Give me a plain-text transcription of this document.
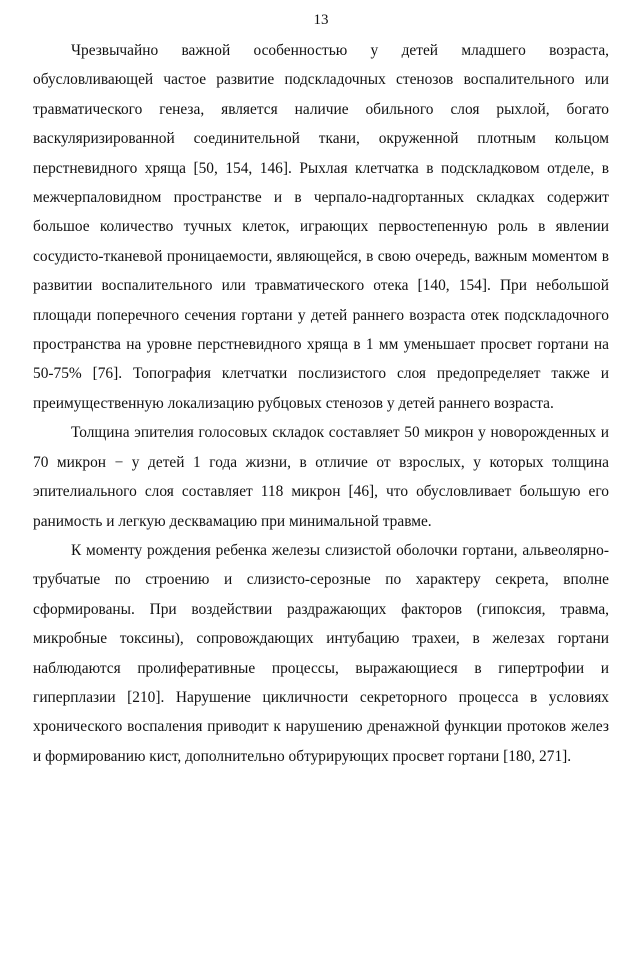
13

Чрезвычайно важной особенностью у детей младшего возраста, обусловливающей частое развитие подскладочных стенозов воспалительного или травматического генеза, является наличие обильного слоя рыхлой, богато васкуляризированной соединительной ткани, окруженной плотным кольцом перстневидного хряща [50, 154, 146]. Рыхлая клетчатка в подскладковом отделе, в межчерпаловидном пространстве и в черпало-надгортанных складках содержит большое количество тучных клеток, играющих первостепенную роль в явлении сосудисто-тканевой проницаемости, являющейся, в свою очередь, важным моментом в развитии воспалительного или травматического отека [140, 154]. При небольшой площади поперечного сечения гортани у детей раннего возраста отек подскладочного пространства на уровне перстневидного хряща в 1 мм уменьшает просвет гортани на 50-75% [76]. Топография клетчатки послизистого слоя предопределяет также и преимущественную локализацию рубцовых стенозов у детей раннего возраста.

Толщина эпителия голосовых складок составляет 50 микрон у новорожденных и 70 микрон − у детей 1 года жизни, в отличие от взрослых, у которых толщина эпителиального слоя составляет 118 микрон [46], что обусловливает большую его ранимость и легкую десквамацию при минимальной травме.

К моменту рождения ребенка железы слизистой оболочки гортани, альвеолярно-трубчатые по строению и слизисто-серозные по характеру секрета, вполне сформированы. При воздействии раздражающих факторов (гипоксия, травма, микробные токсины), сопровождающих интубацию трахеи, в железах гортани наблюдаются пролиферативные процессы, выражающиеся в гипертрофии и гиперплазии [210]. Нарушение цикличности секреторного процесса в условиях хронического воспаления приводит к нарушению дренажной функции протоков желез и формированию кист, дополнительно обтурирующих просвет гортани [180, 271].
